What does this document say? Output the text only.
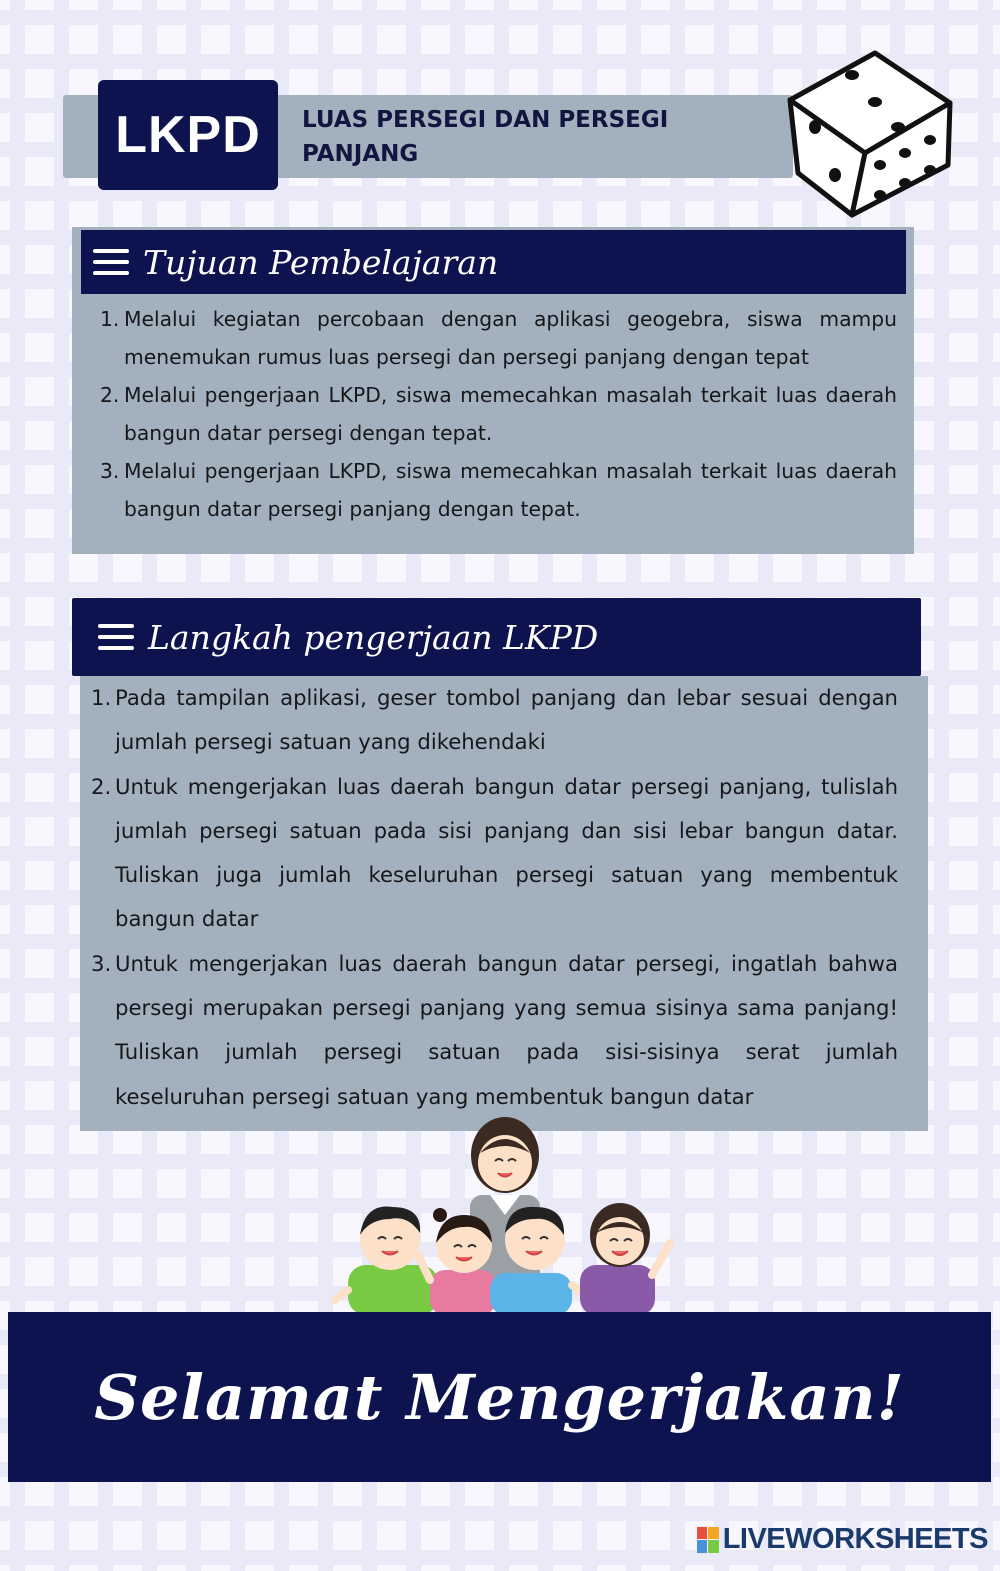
LKPD LUAS PERSEGI DAN PERSEGI PANJANG
Tujuan Pembelajaran
1. Melalui kegiatan percobaan dengan aplikasi geogebra, siswa mampu menemukan rumus luas persegi dan persegi panjang dengan tepat
2. Melalui pengerjaan LKPD, siswa memecahkan masalah terkait luas daerah bangun datar persegi dengan tepat.
3. Melalui pengerjaan LKPD, siswa memecahkan masalah terkait luas daerah bangun datar persegi panjang dengan tepat.
1. Pada tampilan aplikasi, geser tombol panjang dan lebar sesuai dengan jumlah persegi satuan yang dikehendaki
2. Untuk mengerjakan luas daerah bangun datar persegi panjang, tulislah jumlah persegi satuan pada sisi panjang dan sisi lebar bangun datar. Tuliskan juga jumlah keseluruhan persegi satuan yang membentuk bangun datar
3. Untuk mengerjakan luas daerah bangun datar persegi, ingatlah bahwa persegi merupakan persegi panjang yang semua sisinya sama panjang! Tuliskan jumlah persegi satuan pada sisi-sisinya serat jumlah keseluruhan persegi satuan yang membentuk bangun datar
Langkah pengerjaan LKPD
Selamat Mengerjakan!
LIVEWORKSHEETS
